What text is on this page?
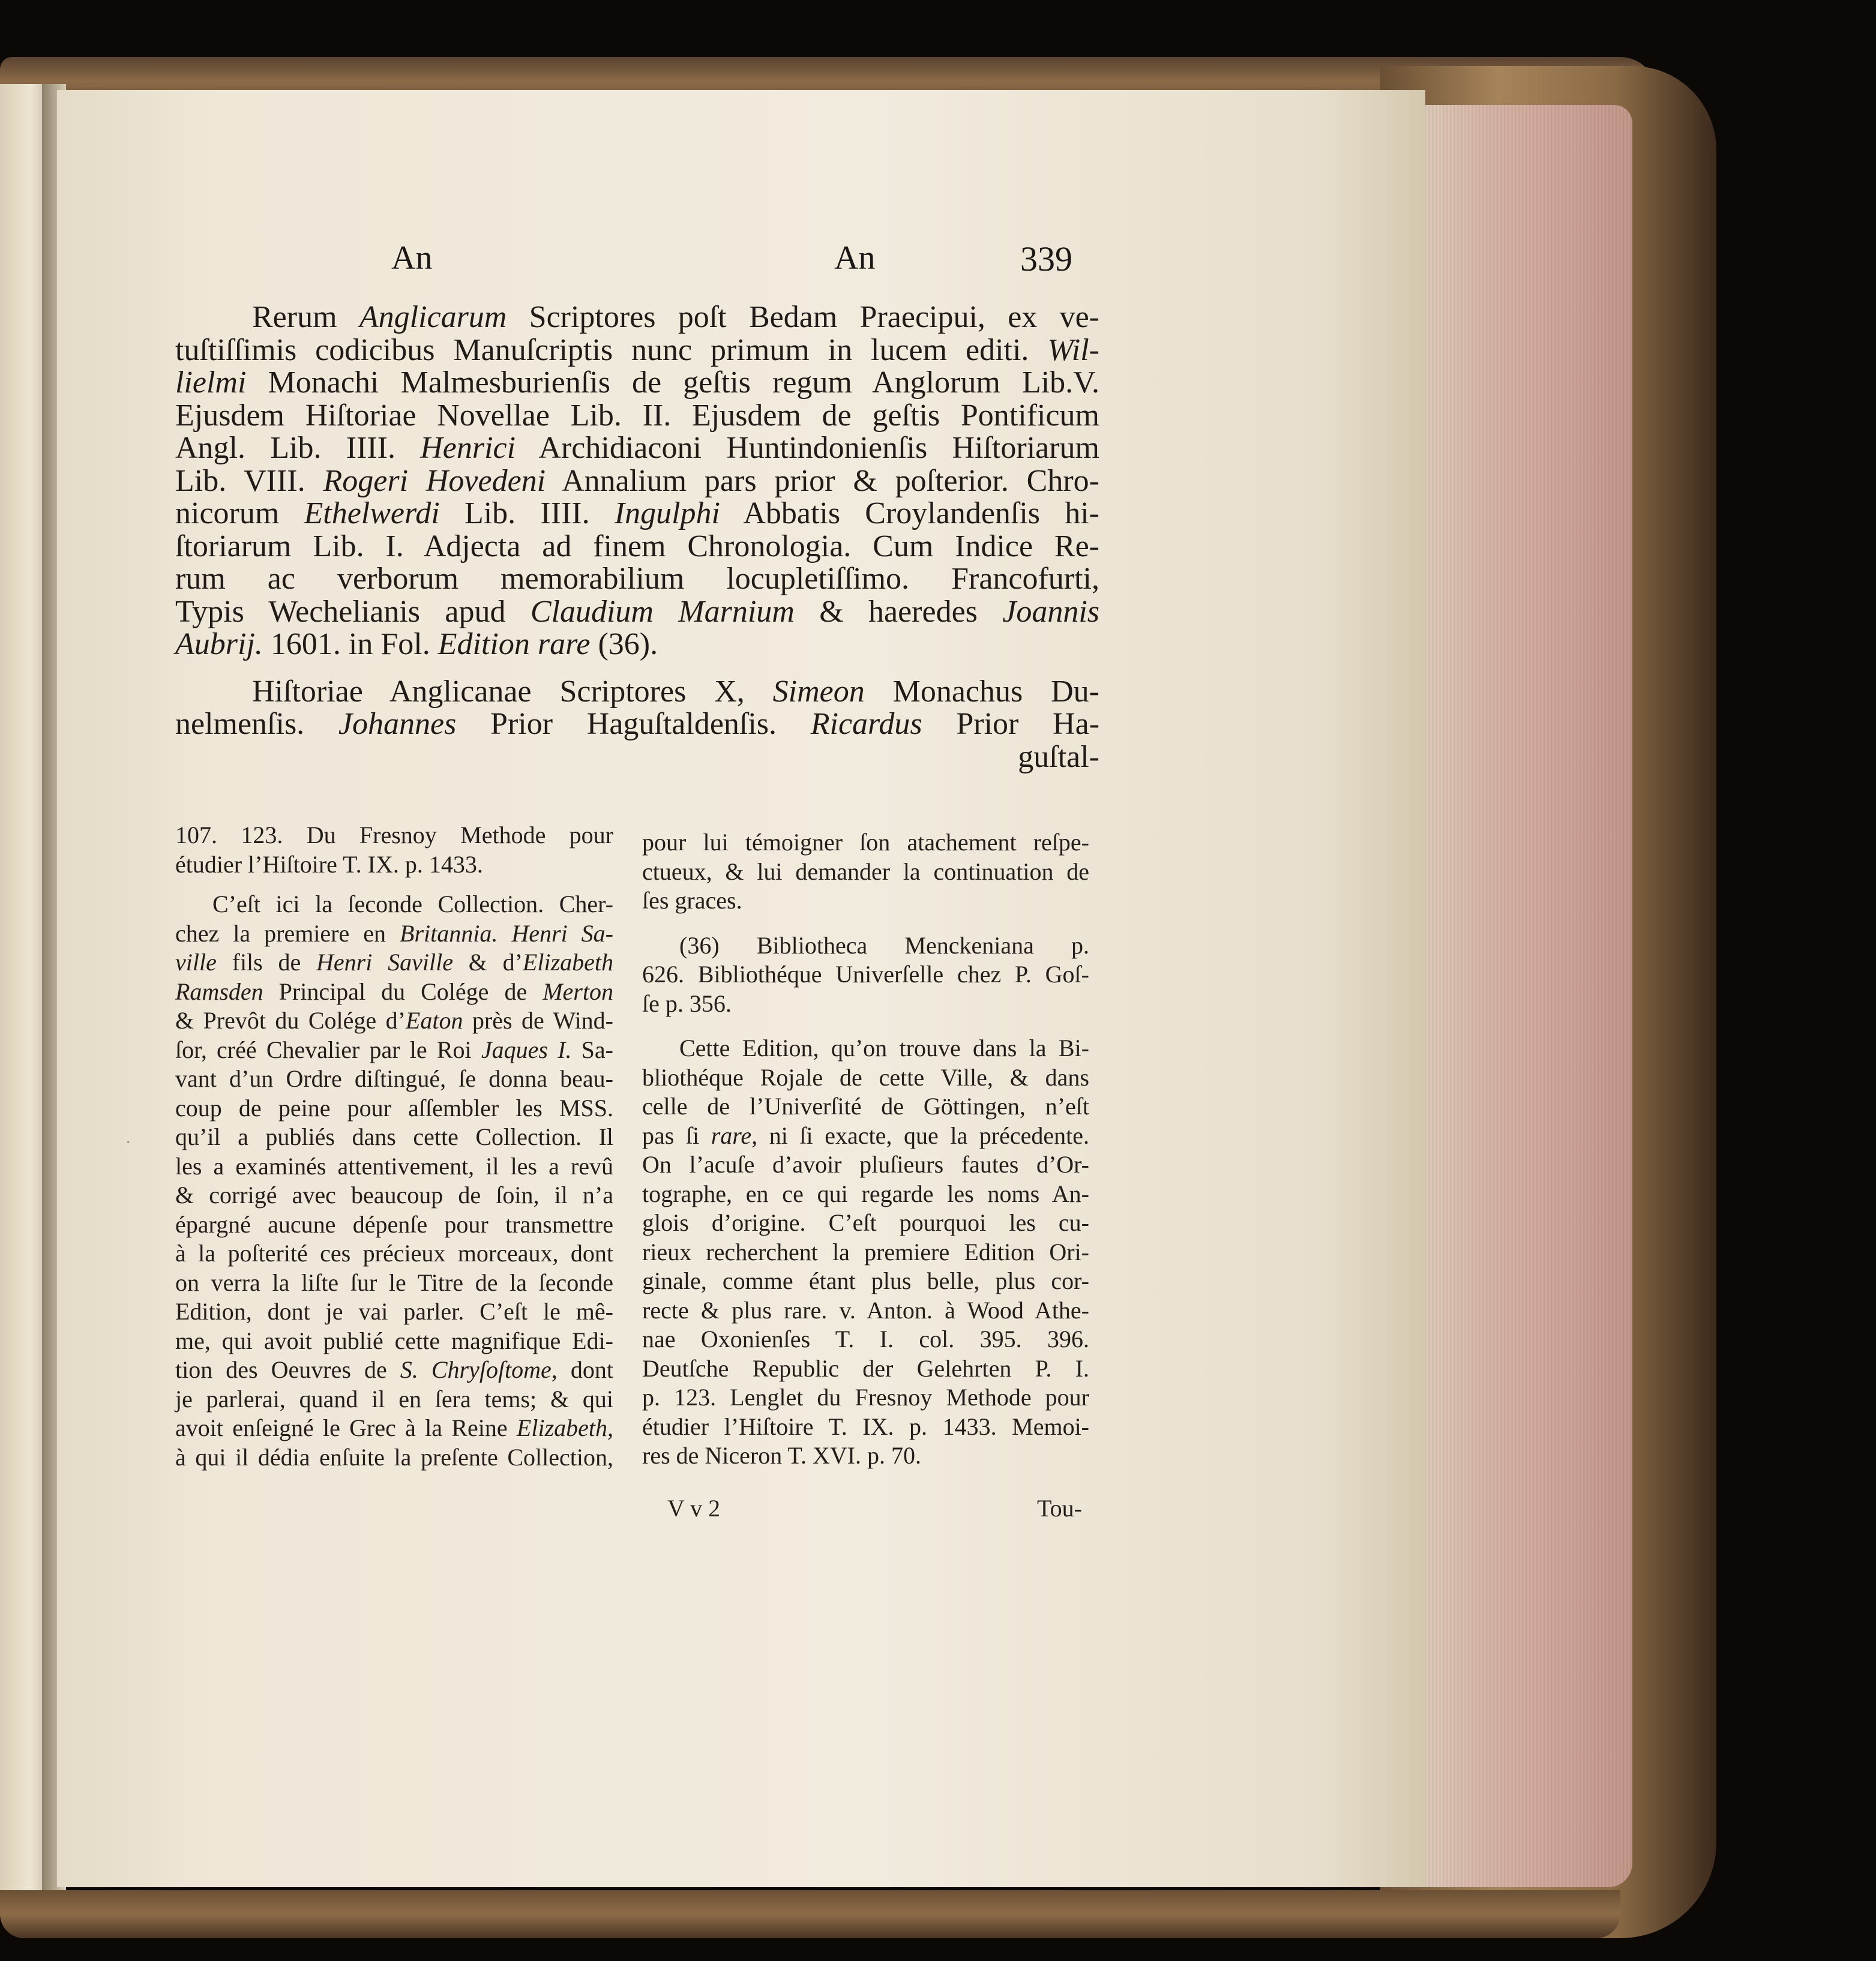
An	An	339
Rerum Anglicarum Scriptores poſt Bedam Praecipui, ex ve-
tuſtiſſimis codicibus Manuſcriptis nunc primum in lucem editi. Wil-
lielmi Monachi Malmesburienſis de geſtis regum Anglorum Lib.V.
Ejusdem Hiſtoriae Novellae Lib. II. Ejusdem de geſtis Pontificum
Angl. Lib. IIII. Henrici Archidiaconi Huntindonienſis Hiſtoriarum
Lib. VIII. Rogeri Hovedeni Annalium pars prior & poſterior. Chro-
nicorum Ethelwerdi Lib. IIII. Ingulphi Abbatis Croylandenſis hi-
ſtoriarum Lib. I. Adjecta ad finem Chronologia. Cum Indice Re-
rum ac verborum memorabilium locupletiſſimo. Francofurti,
Typis Wechelianis apud Claudium Marnium & haeredes Joannis
Aubrij. 1601. in Fol. Edition rare (36).
Hiſtoriae Anglicanae Scriptores X, Simeon Monachus Du-
nelmenſis. Johannes Prior Haguſtaldenſis. Ricardus Prior Ha-
guſtal-
107. 123. Du Fresnoy Methode pour
étudier l’Hiſtoire T. IX. p. 1433.
C’eſt ici la ſeconde Collection. Cher-
chez la premiere en Britannia. Henri Sa-
ville fils de Henri Saville & d’Elizabeth
Ramsden Principal du Colége de Merton
& Prevôt du Colége d’Eaton près de Wind-
ſor, créé Chevalier par le Roi Jaques I. Sa-
vant d’un Ordre diſtingué, ſe donna beau-
coup de peine pour aſſembler les MSS.
qu’il a publiés dans cette Collection. Il
les a examinés attentivement, il les a revû
& corrigé avec beaucoup de ſoin, il n’a
épargné aucune dépenſe pour transmettre
à la poſterité ces précieux morceaux, dont
on verra la liſte ſur le Titre de la ſeconde
Edition, dont je vai parler. C’eſt le mê-
me, qui avoit publié cette magnifique Edi-
tion des Oeuvres de S. Chryſoſtome, dont
je parlerai, quand il en ſera tems; & qui
avoit enſeigné le Grec à la Reine Elizabeth,
à qui il dédia enſuite la preſente Collection,
pour lui témoigner ſon atachement reſpe-
ctueux, & lui demander la continuation de
ſes graces.
(36) Bibliotheca Menckeniana p.
626. Bibliothéque Univerſelle chez P. Goſ-
ſe p. 356.
Cette Edition, qu’on trouve dans la Bi-
bliothéque Rojale de cette Ville, & dans
celle de l’Univerſité de Göttingen, n’eſt
pas ſi rare, ni ſi exacte, que la précedente.
On l’acuſe d’avoir pluſieurs fautes d’Or-
tographe, en ce qui regarde les noms An-
glois d’origine. C’eſt pourquoi les cu-
rieux recherchent la premiere Edition Ori-
ginale, comme étant plus belle, plus cor-
recte & plus rare. v. Anton. à Wood Athe-
nae Oxonienſes T. I. col. 395. 396.
Deutſche Republic der Gelehrten P. I.
p. 123. Lenglet du Fresnoy Methode pour
étudier l’Hiſtoire T. IX. p. 1433. Memoi-
res de Niceron T. XVI. p. 70.
V v 2	Tou-
˙
